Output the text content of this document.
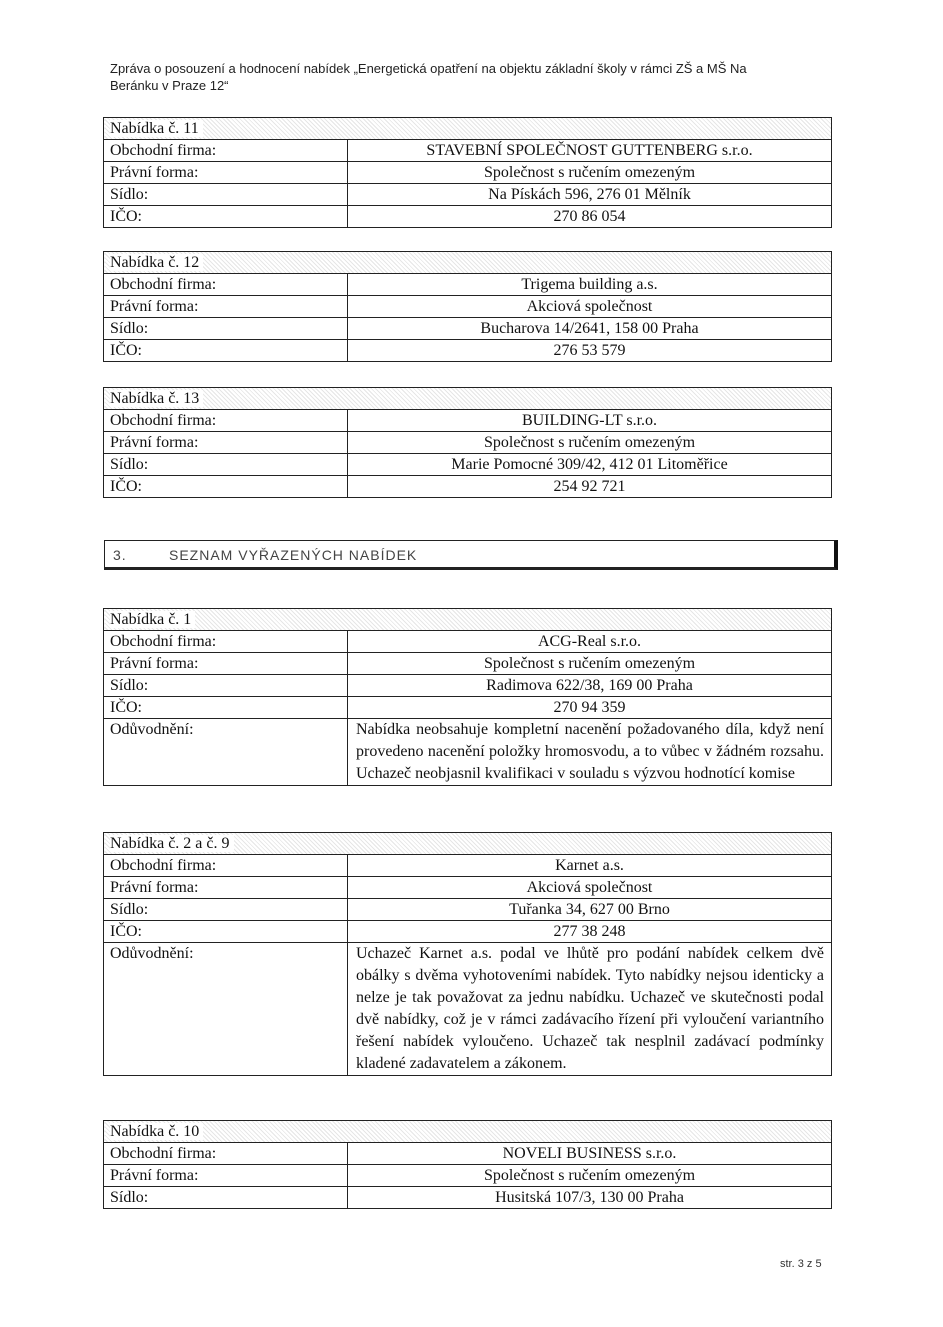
Zpráva o posouzení a hodnocení nabídek „Energetická opatření na objektu základní školy v rámci ZŠ a MŠ Na
Beránku v Praze 12“
Nabídka č. 11	
Obchodní firma:	STAVEBNÍ SPOLEČNOST GUTTENBERG s.r.o.
Právní forma:	Společnost s ručením omezeným
Sídlo:	Na Pískách 596, 276 01 Mělník
IČO:	270 86 054
Nabídka č. 12	
Obchodní firma:	Trigema building a.s.
Právní forma:	Akciová společnost
Sídlo:	Bucharova 14/2641, 158 00 Praha
IČO:	276 53 579
Nabídka č. 13	
Obchodní firma:	BUILDING-LT s.r.o.
Právní forma:	Společnost s ručením omezeným
Sídlo:	Marie Pomocné 309/42, 412 01 Litoměřice
IČO:	254 92 721
3.	SEZNAM VYŘAZENÝCH NABÍDEK
Nabídka č. 1	
Obchodní firma:	ACG-Real s.r.o.
Právní forma:	Společnost s ručením omezeným
Sídlo:	Radimova 622/38, 169 00 Praha
IČO:	270 94 359
Odůvodnění:	Nabídka neobsahuje kompletní nacenění požadovaného díla, když není provedeno nacenění položky hromosvodu, a to vůbec v žádném rozsahu. Uchazeč neobjasnil kvalifikaci v souladu s výzvou hodnotící komise
Nabídka č. 2 a č. 9	
Obchodní firma:	Karnet a.s.
Právní forma:	Akciová společnost
Sídlo:	Tuřanka 34, 627 00 Brno
IČO:	277 38 248
Odůvodnění:	Uchazeč Karnet a.s. podal ve lhůtě pro podání nabídek celkem dvě obálky s dvěma vyhotoveními nabídek. Tyto nabídky nejsou identicky a nelze je tak považovat za jednu nabídku. Uchazeč ve skutečnosti podal dvě nabídky, což je v rámci zadávacího řízení při vyloučení variantního řešení nabídek vyloučeno. Uchazeč tak nesplnil zadávací podmínky kladené zadavatelem a zákonem.
Nabídka č. 10	
Obchodní firma:	NOVELI BUSINESS s.r.o.
Právní forma:	Společnost s ručením omezeným
Sídlo:	Husitská 107/3, 130 00 Praha
str. 3 z 5
